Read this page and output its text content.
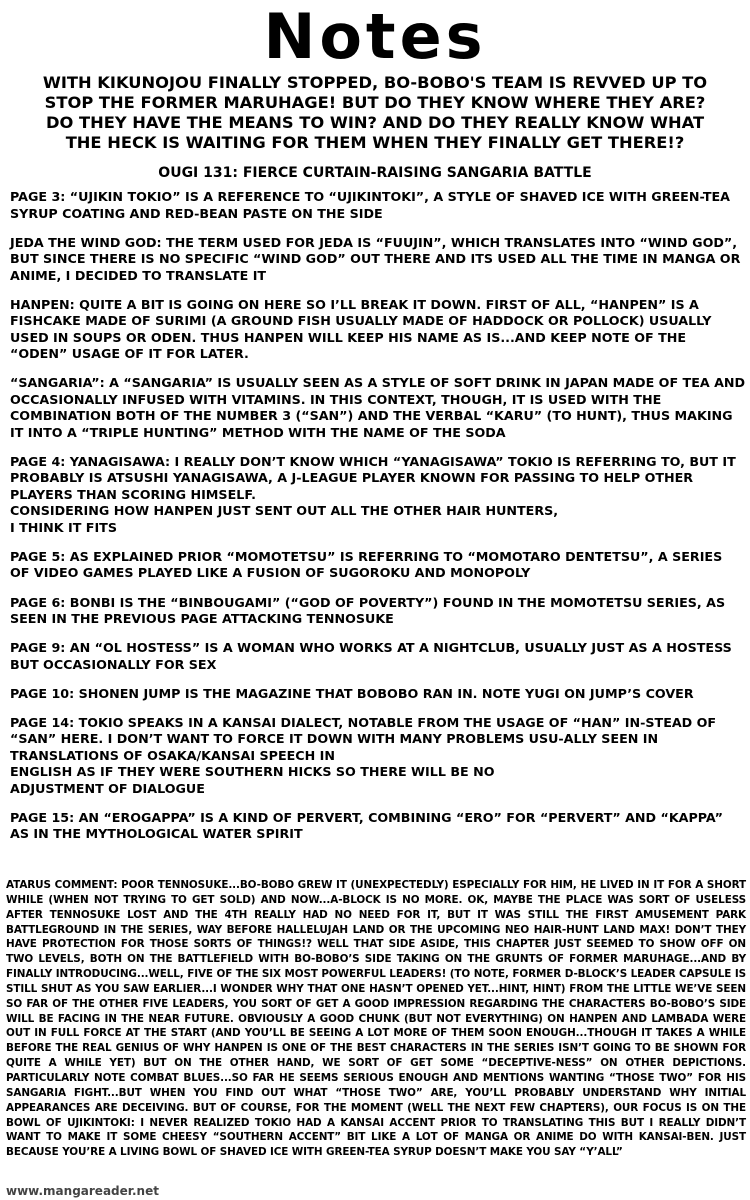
Notes
WITH KIKUNOJOU FINALLY STOPPED, BO-BOBO'S TEAM IS REVVED UP TO STOP THE FORMER MARUHAGE! BUT DO THEY KNOW WHERE THEY ARE? DO THEY HAVE THE MEANS TO WIN? AND DO THEY REALLY KNOW WHAT THE HECK IS WAITING FOR THEM WHEN THEY FINALLY GET THERE!?
OUGI 131: FIERCE CURTAIN-RAISING SANGARIA BATTLE

PAGE 3: “UJIKIN TOKIO” IS A REFERENCE TO “UJIKINTOKI”, A STYLE OF SHAVED ICE WITH GREEN-TEA SYRUP COATING AND RED-BEAN PASTE ON THE SIDE

JEDA THE WIND GOD: THE TERM USED FOR JEDA IS “FUUJIN”, WHICH TRANSLATES INTO “WIND GOD”, BUT SINCE THERE IS NO SPECIFIC “WIND GOD” OUT THERE AND ITS USED ALL THE TIME IN MANGA OR ANIME, I DECIDED TO TRANSLATE IT

HANPEN: QUITE A BIT IS GOING ON HERE SO I’LL BREAK IT DOWN. FIRST OF ALL, “HANPEN” IS A FISHCAKE MADE OF SURIMI (A GROUND FISH USUALLY MADE OF HADDOCK OR POLLOCK) USUALLY USED IN SOUPS OR ODEN. THUS HANPEN WILL KEEP HIS NAME AS IS...AND KEEP NOTE OF THE “ODEN” USAGE OF IT FOR LATER.

“SANGARIA”: A “SANGARIA” IS USUALLY SEEN AS A STYLE OF SOFT DRINK IN JAPAN MADE OF TEA AND OCCASIONALLY INFUSED WITH VITAMINS. IN THIS CONTEXT, THOUGH, IT IS USED WITH THE COMBINATION BOTH OF THE NUMBER 3 (“SAN”) AND THE VERBAL “KARU” (TO HUNT), THUS MAKING IT INTO A “TRIPLE HUNTING” METHOD WITH THE NAME OF THE SODA

PAGE 4: YANAGISAWA: I REALLY DON’T KNOW WHICH “YANAGISAWA” TOKIO IS REFERRING TO, BUT IT PROBABLY IS ATSUSHI YANAGISAWA, A J-LEAGUE PLAYER KNOWN FOR PASSING TO HELP OTHER PLAYERS THAN SCORING HIMSELF.
CONSIDERING HOW HANPEN JUST SENT OUT ALL THE OTHER HAIR HUNTERS,
I THINK IT FITS

PAGE 5: AS EXPLAINED PRIOR “MOMOTETSU” IS REFERRING TO “MOMOTARO DENTETSU”, A SERIES OF VIDEO GAMES PLAYED LIKE A FUSION OF SUGOROKU AND MONOPOLY

PAGE 6: BONBI IS THE “BINBOUGAMI” (“GOD OF POVERTY”) FOUND IN THE MOMOTETSU SERIES, AS SEEN IN THE PREVIOUS PAGE ATTACKING TENNOSUKE

PAGE 9: AN “OL HOSTESS” IS A WOMAN WHO WORKS AT A NIGHTCLUB, USUALLY JUST AS A HOSTESS BUT OCCASIONALLY FOR SEX

PAGE 10: SHONEN JUMP IS THE MAGAZINE THAT BOBOBO RAN IN. NOTE YUGI ON JUMP’S COVER

PAGE 14: TOKIO SPEAKS IN A KANSAI DIALECT, NOTABLE FROM THE USAGE OF “HAN” IN-STEAD OF “SAN” HERE. I DON’T WANT TO FORCE IT DOWN WITH MANY PROBLEMS USU-ALLY SEEN IN TRANSLATIONS OF OSAKA/KANSAI SPEECH IN
ENGLISH AS IF THEY WERE SOUTHERN HICKS SO THERE WILL BE NO
ADJUSTMENT OF DIALOGUE

PAGE 15: AN “EROGAPPA” IS A KIND OF PERVERT, COMBINING “ERO” FOR “PERVERT” AND “KAPPA” AS IN THE MYTHOLOGICAL WATER SPIRIT

ATARUS COMMENT: POOR TENNOSUKE...BO-BOBO GREW IT (UNEXPECTEDLY) ESPECIALLY FOR HIM, HE LIVED IN IT FOR A SHORT WHILE (WHEN NOT TRYING TO GET SOLD) AND NOW...A-BLOCK IS NO MORE. OK, MAYBE THE PLACE WAS SORT OF USELESS AFTER TENNOSUKE LOST AND THE 4TH REALLY HAD NO NEED FOR IT, BUT IT WAS STILL THE FIRST AMUSEMENT PARK BATTLEGROUND IN THE SERIES, WAY BEFORE HALLELUJAH LAND OR THE UPCOMING NEO HAIR-HUNT LAND MAX! DON’T THEY HAVE PROTECTION FOR THOSE SORTS OF THINGS!? WELL THAT SIDE ASIDE, THIS CHAPTER JUST SEEMED TO SHOW OFF ON TWO LEVELS, BOTH ON THE BATTLEFIELD WITH BO-BOBO’S SIDE TAKING ON THE GRUNTS OF FORMER MARUHAGE...AND BY FINALLY INTRODUCING...WELL, FIVE OF THE SIX MOST POWERFUL LEADERS! (TO NOTE, FORMER D-BLOCK’S LEADER CAPSULE IS STILL SHUT AS YOU SAW EARLIER...I WONDER WHY THAT ONE HASN’T OPENED YET...HINT, HINT) FROM THE LITTLE WE’VE SEEN SO FAR OF THE OTHER FIVE LEADERS, YOU SORT OF GET A GOOD IMPRESSION REGARDING THE CHARACTERS BO-BOBO’S SIDE WILL BE FACING IN THE NEAR FUTURE. OBVIOUSLY A GOOD CHUNK (BUT NOT EVERYTHING) ON HANPEN AND LAMBADA WERE OUT IN FULL FORCE AT THE START (AND YOU’LL BE SEEING A LOT MORE OF THEM SOON ENOUGH...THOUGH IT TAKES A WHILE BEFORE THE REAL GENIUS OF WHY HANPEN IS ONE OF THE BEST CHARACTERS IN THE SERIES ISN’T GOING TO BE SHOWN FOR QUITE A WHILE YET) BUT ON THE OTHER HAND, WE SORT OF GET SOME “DECEPTIVE-NESS” ON OTHER DEPICTIONS. PARTICULARLY NOTE COMBAT BLUES...SO FAR HE SEEMS SERIOUS ENOUGH AND MENTIONS WANTING “THOSE TWO” FOR HIS SANGARIA FIGHT...BUT WHEN YOU FIND OUT WHAT “THOSE TWO” ARE, YOU’LL PROBABLY UNDERSTAND WHY INITIAL APPEARANCES ARE DECEIVING. BUT OF COURSE, FOR THE MOMENT (WELL THE NEXT FEW CHAPTERS), OUR FOCUS IS ON THE BOWL OF UJIKINTOKI: I NEVER REALIZED TOKIO HAD A KANSAI ACCENT PRIOR TO TRANSLATING THIS BUT I REALLY DIDN’T WANT TO MAKE IT SOME CHEESY “SOUTHERN ACCENT” BIT LIKE A LOT OF MANGA OR ANIME DO WITH KANSAI-BEN. JUST BECAUSE YOU’RE A LIVING BOWL OF SHAVED ICE WITH GREEN-TEA SYRUP DOESN’T MAKE YOU SAY “Y’ALL”
www.mangareader.net
